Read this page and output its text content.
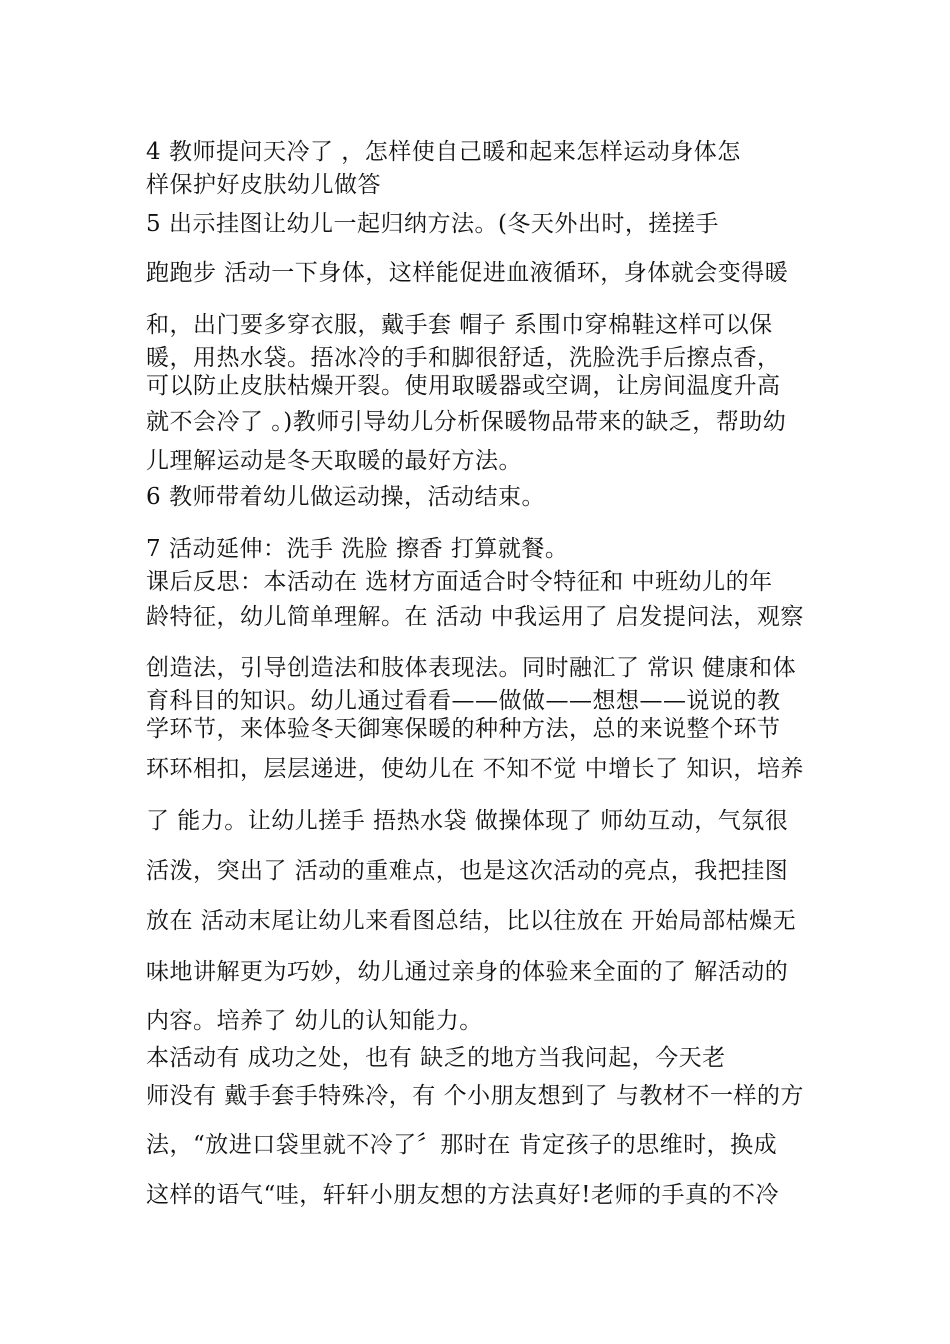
4 教师提问天冷了 ，怎样使自己暖和起来怎样运动身体怎
样保护好皮肤幼儿做答
5 出示挂图让幼儿一起归纳方法。(冬天外出时，搓搓手
跑跑步 活动一下身体，这样能促进血液循环，身体就会变得暖
和，出门要多穿衣服，戴手套 帽子 系围巾穿棉鞋这样可以保
暖，用热水袋。捂冰冷的手和脚很舒适，洗脸洗手后擦点香，
可以防止皮肤枯燥开裂。使用取暖器或空调，让房间温度升高
就不会冷了 。)教师引导幼儿分析保暖物品带来的缺乏，帮助幼
儿理解运动是冬天取暖的最好方法。
6 教师带着幼儿做运动操，活动结束。
7 活动延伸：洗手 洗脸 擦香 打算就餐。
课后反思：本活动在 选材方面适合时令特征和 中班幼儿的年
龄特征，幼儿简单理解。在 活动 中我运用了 启发提问法，观察
创造法，引导创造法和肢体表现法。同时融汇了 常识 健康和体
育科目的知识。幼儿通过看看——做做——想想——说说的教
学环节，来体验冬天御寒保暖的种种方法，总的来说整个环节
环环相扣，层层递进，使幼儿在 不知不觉 中增长了 知识，培养
了 能力。让幼儿搓手 捂热水袋 做操体现了 师幼互动，气氛很
活泼，突出了 活动的重难点，也是这次活动的亮点，我把挂图
放在 活动末尾让幼儿来看图总结，比以往放在 开始局部枯燥无
味地讲解更为巧妙，幼儿通过亲身的体验来全面的了 解活动的
内容。培养了 幼儿的认知能力。
本活动有 成功之处，也有 缺乏的地方当我问起，今天老
师没有 戴手套手特殊冷，有 个小朋友想到了 与教材不一样的方
法，“放进口袋里就不冷了〞那时在 肯定孩子的思维时，换成
这样的语气“哇，轩轩小朋友想的方法真好!老师的手真的不冷
